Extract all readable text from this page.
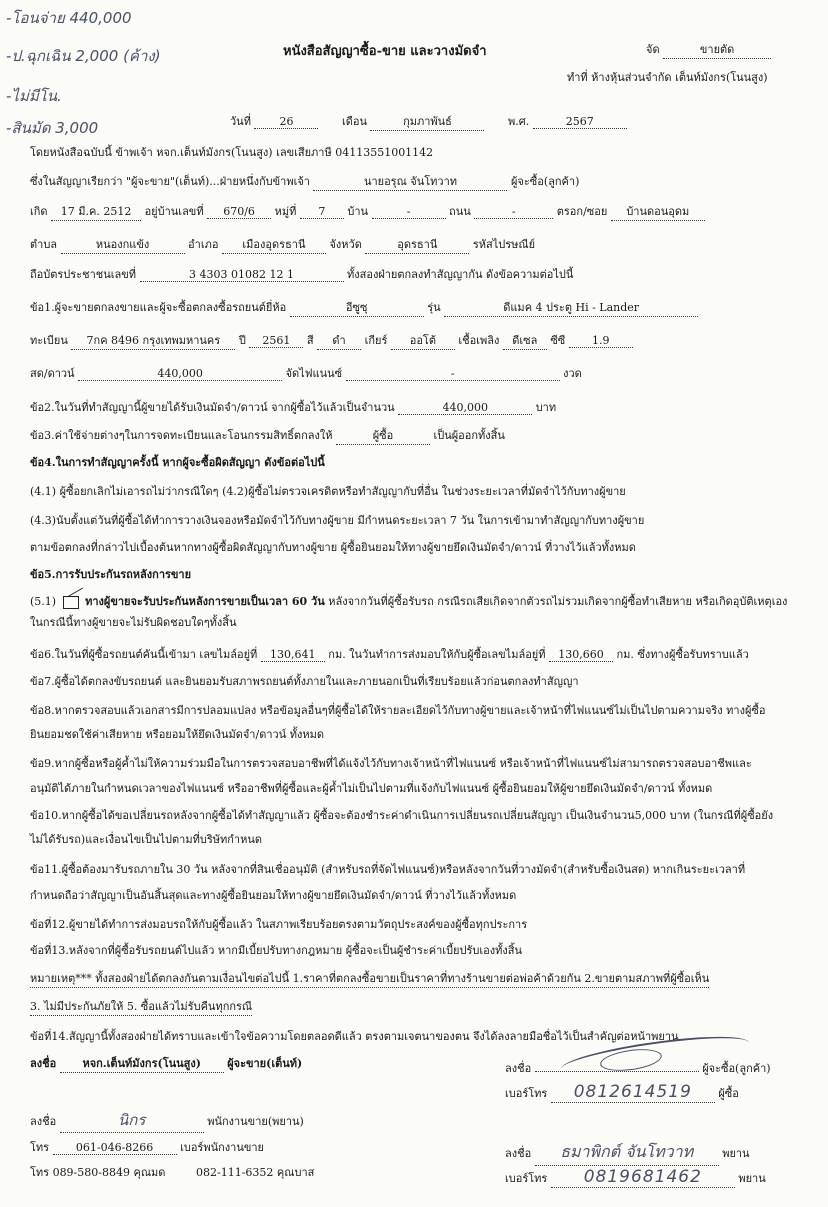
-โอนจ่าย 440,000
-ป.ฉุกเฉิน 2,000 (ค้าง)
-ไม่มีโน.
-สินมัด 3,000
หนังสือสัญญาซื้อ-ขาย และวางมัดจำ	จัด	ขายตัด
ทำที่ ห้างหุ้นส่วนจำกัด เต็นท์มังกร(โนนสูง)
วันที่	26	เดือน	กุมภาพันธ์	พ.ศ.	2567
โดยหนังสือฉบับนี้ ข้าพเจ้า หจก.เต็นท์มังกร(โนนสูง) เลขเสียภาษี 04113551001142
ซึ่งในสัญญาเรียกว่า "ผู้จะขาย"(เต็นท์)...ฝ่ายหนึ่งกับข้าพเจ้า	นายอรุณ จันโทวาท	ผู้จะซื้อ(ลูกค้า)
เกิด 17 มี.ค. 2512 อยู่บ้านเลขที่ 670/6 หมู่ที่ 7 บ้าน	-	ถนน	-	ตรอก/ซอย บ้านดอนอุดม
ตำบล	หนองกแข้ง	อำเภอ เมืองอุดรธานี จังหวัด	อุดรธานี	รหัสไปรษณีย์
ถือบัตรประชาชนเลขที่	3 4303 01082 12 1	ทั้งสองฝ่ายตกลงทำสัญญากัน ดังข้อความต่อไปนี้
ข้อ1.ผู้จะขายตกลงขายและผู้จะซื้อตกลงซื้อรถยนต์ยี่ห้อ	อีซูซุ	รุ่น	ดีแมค 4 ประตู Hi - Lander
ทะเบียน 7กค 8496 กรุงเทพมหานคร ปี 2561 สี ดำ เกียร์ ออโต้ เชื้อเพลิง ดีเซล ซีซี 1.9
สด/ดาวน์	440,000	จัดไฟแนนซ์	-	งวด
ข้อ2.ในวันที่ทำสัญญานี้ผู้ขายได้รับเงินมัดจำ/ดาวน์ จากผู้ซื้อไว้แล้วเป็นจำนวน	440,000	บาท
ข้อ3.ค่าใช้จ่ายต่างๆในการจดทะเบียนและโอนกรรมสิทธิ์ตกลงให้	ผู้ซื้อ	เป็นผู้ออกทั้งสิ้น
ข้อ4.ในการทำสัญญาครั้งนี้ หากผู้จะซื้อผิดสัญญา ดังข้อต่อไปนี้
(4.1) ผู้ซื้อยกเลิกไม่เอารถไม่ว่ากรณีใดๆ (4.2)ผู้ซื้อไม่ตรวจเครดิตหรือทำสัญญากับที่อื่น ในช่วงระยะเวลาที่มัดจำไว้กับทางผู้ขาย
(4.3)นับตั้งแต่วันที่ผู้ซื้อได้ทำการวางเงินจองหรือมัดจำไว้กับทางผู้ขาย มีกำหนดระยะเวลา 7 วัน ในการเข้ามาทำสัญญากับทางผู้ขาย
ตามข้อตกลงที่กล่าวไปเบื้องต้นหากทางผู้ซื้อผิดสัญญากับทางผู้ขาย ผู้ซื้อยินยอมให้ทางผู้ขายยึดเงินมัดจำ/ดาวน์ ที่วางไว้แล้วทั้งหมด
ข้อ5.การรับประกันรถหลังการขาย
(5.1)	ทางผู้ขายจะรับประกันหลังการขายเป็นเวลา 60 วัน หลังจากวันที่ผู้ซื้อรับรถ กรณีรถเสียเกิดจากตัวรถไม่รวมเกิดจากผู้ซื้อทำเสียหาย หรือเกิดอุบัติเหตุเอง
ในกรณีนี้ทางผู้ขายจะไม่รับผิดชอบใดๆทั้งสิ้น
ข้อ6.ในวันที่ผู้ซื้อรถยนต์คันนี้เข้ามา เลขไมล์อยู่ที่ 130,641 กม. ในวันทำการส่งมอบให้กับผู้ซื้อเลขไมล์อยู่ที่ 130,660 กม. ซึ่งทางผู้ซื้อรับทราบแล้ว
ข้อ7.ผู้ซื้อได้ตกลงขับรถยนต์ และยินยอมรับสภาพรถยนต์ทั้งภายในและภายนอกเป็นที่เรียบร้อยแล้วก่อนตกลงทำสัญญา
ข้อ8.หากตรวจสอบแล้วเอกสารมีการปลอมแปลง หรือข้อมูลอื่นๆที่ผู้ซื้อได้ให้รายละเอียดไว้กับทางผู้ขายและเจ้าหน้าที่ไฟแนนซ์ไม่เป็นไปตามความจริง ทางผู้ซื้อ
ยินยอมชดใช้ค่าเสียหาย หรือยอมให้ยึดเงินมัดจำ/ดาวน์ ทั้งหมด
ข้อ9.หากผู้ซื้อหรือผู้ค้ำไม่ให้ความร่วมมือในการตรวจสอบอาชีพที่ได้แจ้งไว้กับทางเจ้าหน้าที่ไฟแนนซ์ หรือเจ้าหน้าที่ไฟแนนซ์ไม่สามารถตรวจสอบอาชีพและ
อนุมัติได้ภายในกำหนดเวลาของไฟแนนซ์ หรืออาชีพที่ผู้ซื้อและผู้ค้ำไม่เป็นไปตามที่แจ้งกับไฟแนนซ์ ผู้ซื้อยินยอมให้ผู้ขายยึดเงินมัดจำ/ดาวน์ ทั้งหมด
ข้อ10.หากผู้ซื้อได้ขอเปลี่ยนรถหลังจากผู้ซื้อได้ทำสัญญาแล้ว ผู้ซื้อจะต้องชำระค่าดำเนินการเปลี่ยนรถเปลี่ยนสัญญา เป็นเงินจำนวน5,000 บาท (ในกรณีที่ผู้ซื้อยัง
ไม่ได้รับรถ)และเงื่อนไขเป็นไปตามที่บริษัทกำหนด
ข้อ11.ผู้ซื้อต้องมารับรถภายใน 30 วัน หลังจากที่สินเชื่ออนุมัติ (สำหรับรถที่จัดไฟแนนซ์)หรือหลังจากวันที่วางมัดจำ(สำหรับซื้อเงินสด) หากเกินระยะเวลาที่
กำหนดถือว่าสัญญาเป็นอันสิ้นสุดและทางผู้ซื้อยินยอมให้ทางผู้ขายยึดเงินมัดจำ/ดาวน์ ที่วางไว้แล้วทั้งหมด
ข้อที่12.ผู้ขายได้ทำการส่งมอบรถให้กับผู้ซื้อแล้ว ในสภาพเรียบร้อยตรงตามวัตถุประสงค์ของผู้ซื้อทุกประการ
ข้อที่13.หลังจากที่ผู้ซื้อรับรถยนต์ไปแล้ว หากมีเบี้ยปรับทางกฎหมาย ผู้ซื้อจะเป็นผู้ชำระค่าเบี้ยปรับเองทั้งสิ้น
หมายเหตุ*** ทั้งสองฝ่ายได้ตกลงกันตามเงื่อนไขต่อไปนี้ 1.ราคาที่ตกลงซื้อขายเป็นราคาที่ทางร้านขายต่อพ่อค้าด้วยกัน 2.ขายตามสภาพที่ผู้ซื้อเห็น
3. ไม่มีประกันภัยให้ 5. ซื้อแล้วไม่รับคืนทุกกรณี
ข้อที่14.สัญญานี้ทั้งสองฝ่ายได้ทราบและเข้าใจข้อความโดยตลอดดีแล้ว ตรงตามเจตนาของตน จึงได้ลงลายมือชื่อไว้เป็นสำคัญต่อหน้าพยาน
ลงชื่อ หจก.เต็นท์มังกร(โนนสูง) ผู้จะขาย(เต็นท์)	ลงชื่อ	ผู้จะซื้อ(ลูกค้า)
เบอร์โทร 0812614519 ผู้ซื้อ
ลงชื่อ	นิกร	พนักงานขาย(พยาน)
โทร 061-046-8266 เบอร์พนักงานขาย
โทร 089-580-8849 คุณมด	082-111-6352 คุณบาส
ลงชื่อ ธมาพิกต์ จันโทวาท	พยาน
เบอร์โทร 0819681462	พยาน
